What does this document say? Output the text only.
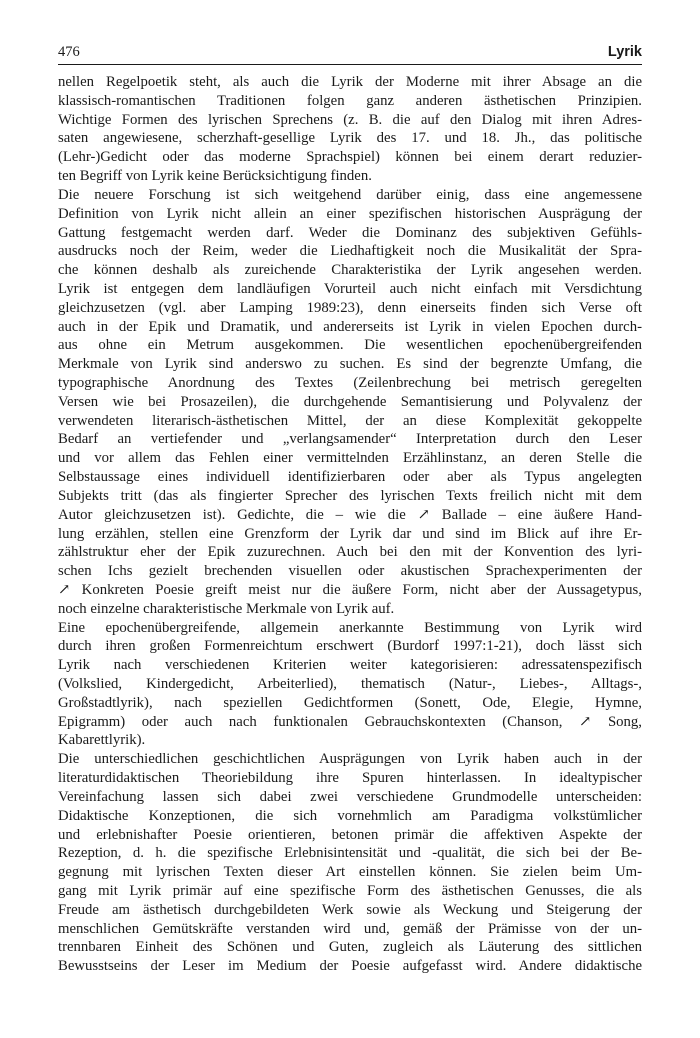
476	Lyrik
nellen Regelpoetik steht, als auch die Lyrik der Moderne mit ihrer Absage an die
klassisch-romantischen Traditionen folgen ganz anderen ästhetischen Prinzipien.
Wichtige Formen des lyrischen Sprechens (z. B. die auf den Dialog mit ihren Adres-
saten angewiesene, scherzhaft-gesellige Lyrik des 17. und 18. Jh., das politische
(Lehr-)Gedicht oder das moderne Sprachspiel) können bei einem derart reduzier-
ten Begriff von Lyrik keine Berücksichtigung finden.
Die neuere Forschung ist sich weitgehend darüber einig, dass eine angemessene
Definition von Lyrik nicht allein an einer spezifischen historischen Ausprägung der
Gattung festgemacht werden darf. Weder die Dominanz des subjektiven Gefühls-
ausdrucks noch der Reim, weder die Liedhaftigkeit noch die Musikalität der Spra-
che können deshalb als zureichende Charakteristika der Lyrik angesehen werden.
Lyrik ist entgegen dem landläufigen Vorurteil auch nicht einfach mit Versdichtung
gleichzusetzen (vgl. aber Lamping 1989:23), denn einerseits finden sich Verse oft
auch in der Epik und Dramatik, und andererseits ist Lyrik in vielen Epochen durch-
aus ohne ein Metrum ausgekommen. Die wesentlichen epochenübergreifenden
Merkmale von Lyrik sind anderswo zu suchen. Es sind der begrenzte Umfang, die
typographische Anordnung des Textes (Zeilenbrechung bei metrisch geregelten
Versen wie bei Prosazeilen), die durchgehende Semantisierung und Polyvalenz der
verwendeten literarisch-ästhetischen Mittel, der an diese Komplexität gekoppelte
Bedarf an vertiefender und „verlangsamender“ Interpretation durch den Leser
und vor allem das Fehlen einer vermittelnden Erzählinstanz, an deren Stelle die
Selbstaussage eines individuell identifizierbaren oder aber als Typus angelegten
Subjekts tritt (das als fingierter Sprecher des lyrischen Texts freilich nicht mit dem
Autor gleichzusetzen ist). Gedichte, die – wie die ↗ Ballade – eine äußere Hand-
lung erzählen, stellen eine Grenzform der Lyrik dar und sind im Blick auf ihre Er-
zählstruktur eher der Epik zuzurechnen. Auch bei den mit der Konvention des lyri-
schen Ichs gezielt brechenden visuellen oder akustischen Sprachexperimenten der
↗ Konkreten Poesie greift meist nur die äußere Form, nicht aber der Aussagetypus,
noch einzelne charakteristische Merkmale von Lyrik auf.
Eine epochenübergreifende, allgemein anerkannte Bestimmung von Lyrik wird
durch ihren großen Formenreichtum erschwert (Burdorf 1997:1-21), doch lässt sich
Lyrik nach verschiedenen Kriterien weiter kategorisieren: adressatenspezifisch
(Volkslied, Kindergedicht, Arbeiterlied), thematisch (Natur-, Liebes-, Alltags-,
Großstadtlyrik), nach speziellen Gedichtformen (Sonett, Ode, Elegie, Hymne,
Epigramm) oder auch nach funktionalen Gebrauchskontexten (Chanson, ↗ Song,
Kabarettlyrik).
Die unterschiedlichen geschichtlichen Ausprägungen von Lyrik haben auch in der
literaturdidaktischen Theoriebildung ihre Spuren hinterlassen. In idealtypischer
Vereinfachung lassen sich dabei zwei verschiedene Grundmodelle unterscheiden:
Didaktische Konzeptionen, die sich vornehmlich am Paradigma volkstümlicher
und erlebnishafter Poesie orientieren, betonen primär die affektiven Aspekte der
Rezeption, d. h. die spezifische Erlebnisintensität und -qualität, die sich bei der Be-
gegnung mit lyrischen Texten dieser Art einstellen können. Sie zielen beim Um-
gang mit Lyrik primär auf eine spezifische Form des ästhetischen Genusses, die als
Freude am ästhetisch durchgebildeten Werk sowie als Weckung und Steigerung der
menschlichen Gemütskräfte verstanden wird und, gemäß der Prämisse von der un-
trennbaren Einheit des Schönen und Guten, zugleich als Läuterung des sittlichen
Bewusstseins der Leser im Medium der Poesie aufgefasst wird. Andere didaktische
